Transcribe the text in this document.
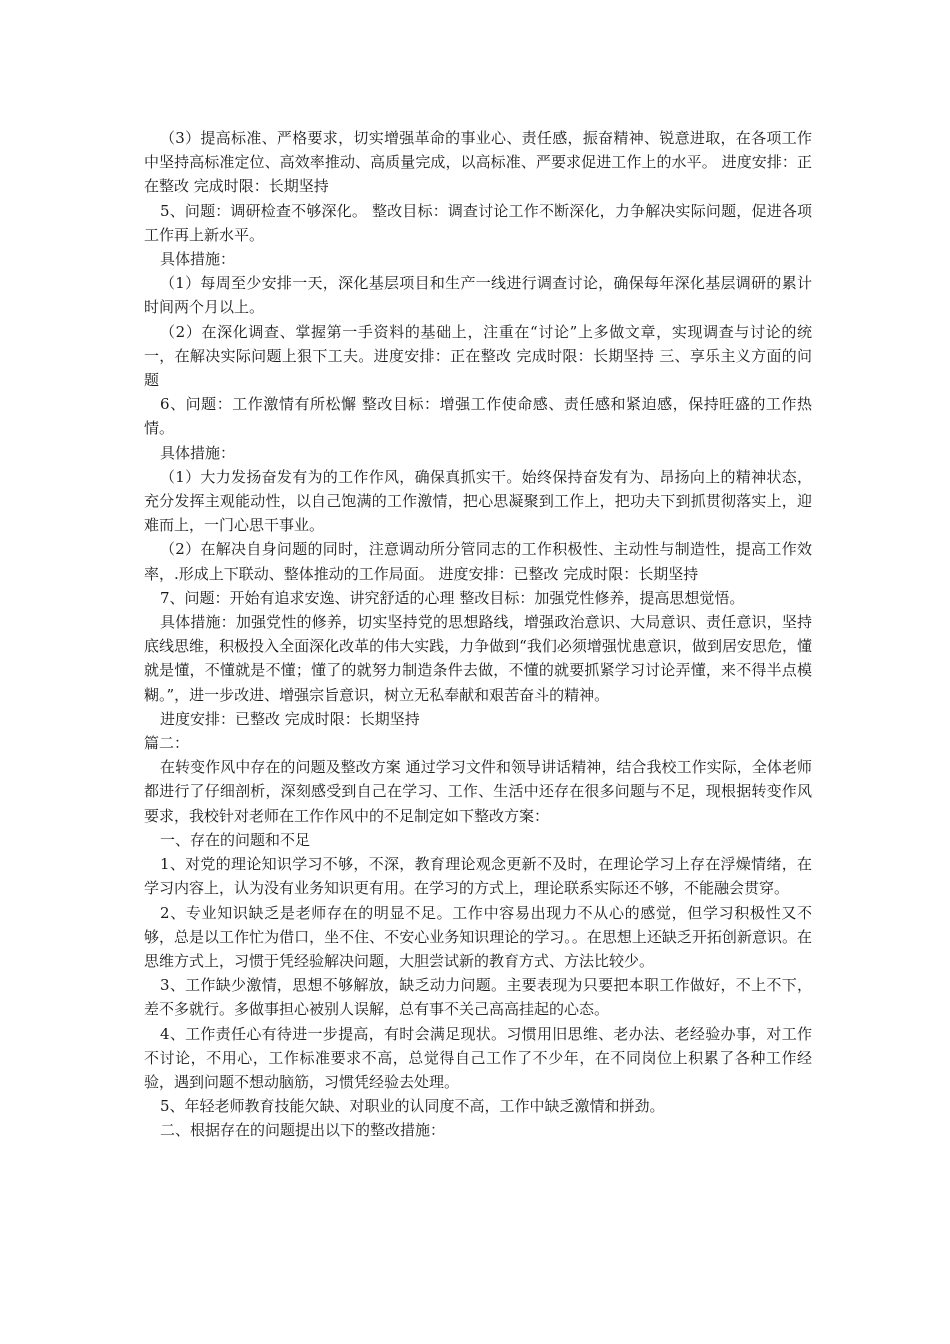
（3）提高标准、严格要求，切实增强革命的事业心、责任感，振奋精神、锐意进取，在各项工作中坚持高标准定位、高效率推动、高质量完成，以高标准、严要求促进工作上的水平。 进度安排：正在整改 完成时限：长期坚持

5、问题：调研检查不够深化。 整改目标：调查讨论工作不断深化，力争解决实际问题，促进各项工作再上新水平。

具体措施：

（1）每周至少安排一天，深化基层项目和生产一线进行调查讨论，确保每年深化基层调研的累计时间两个月以上。

（2）在深化调查、掌握第一手资料的基础上，注重在“讨论”上多做文章，实现调查与讨论的统一，在解决实际问题上狠下工夫。进度安排：正在整改 完成时限：长期坚持 三、享乐主义方面的问题

6、问题：工作激情有所松懈 整改目标：增强工作使命感、责任感和紧迫感，保持旺盛的工作热情。

具体措施：

（1）大力发扬奋发有为的工作作风，确保真抓实干。始终保持奋发有为、昂扬向上的精神状态，充分发挥主观能动性，以自己饱满的工作激情，把心思凝聚到工作上，把功夫下到抓贯彻落实上，迎难而上，一门心思干事业。

（2）在解决自身问题的同时，注意调动所分管同志的工作积极性、主动性与制造性，提高工作效率，.形成上下联动、整体推动的工作局面。 进度安排：已整改 完成时限：长期坚持

7、问题：开始有追求安逸、讲究舒适的心理 整改目标：加强党性修养，提高思想觉悟。

具体措施：加强党性的修养，切实坚持党的思想路线，增强政治意识、大局意识、责任意识，坚持底线思维，积极投入全面深化改革的伟大实践，力争做到“我们必须增强忧患意识，做到居安思危，懂就是懂，不懂就是不懂；懂了的就努力制造条件去做，不懂的就要抓紧学习讨论弄懂，来不得半点模糊。”，进一步改进、增强宗旨意识，树立无私奉献和艰苦奋斗的精神。

进度安排：已整改 完成时限：长期坚持

篇二：

在转变作风中存在的问题及整改方案 通过学习文件和领导讲话精神，结合我校工作实际，全体老师都进行了仔细剖析，深刻感受到自己在学习、工作、生活中还存在很多问题与不足，现根据转变作风要求，我校针对老师在工作作风中的不足制定如下整改方案：

一、存在的问题和不足

1、对党的理论知识学习不够，不深，教育理论观念更新不及时，在理论学习上存在浮燥情绪，在学习内容上，认为没有业务知识更有用。在学习的方式上，理论联系实际还不够，不能融会贯穿。

2、专业知识缺乏是老师存在的明显不足。工作中容易出现力不从心的感觉，但学习积极性又不够，总是以工作忙为借口，坐不住、不安心业务知识理论的学习。。在思想上还缺乏开拓创新意识。在思维方式上，习惯于凭经验解决问题，大胆尝试新的教育方式、方法比较少。

3、工作缺少激情，思想不够解放，缺乏动力问题。主要表现为只要把本职工作做好，不上不下，差不多就行。多做事担心被别人误解，总有事不关己高高挂起的心态。

4、工作责任心有待进一步提高，有时会满足现状。习惯用旧思维、老办法、老经验办事，对工作不讨论，不用心，工作标准要求不高，总觉得自己工作了不少年，在不同岗位上积累了各种工作经验，遇到问题不想动脑筋，习惯凭经验去处理。

5、年轻老师教育技能欠缺、对职业的认同度不高，工作中缺乏激情和拼劲。

二、根据存在的问题提出以下的整改措施：
